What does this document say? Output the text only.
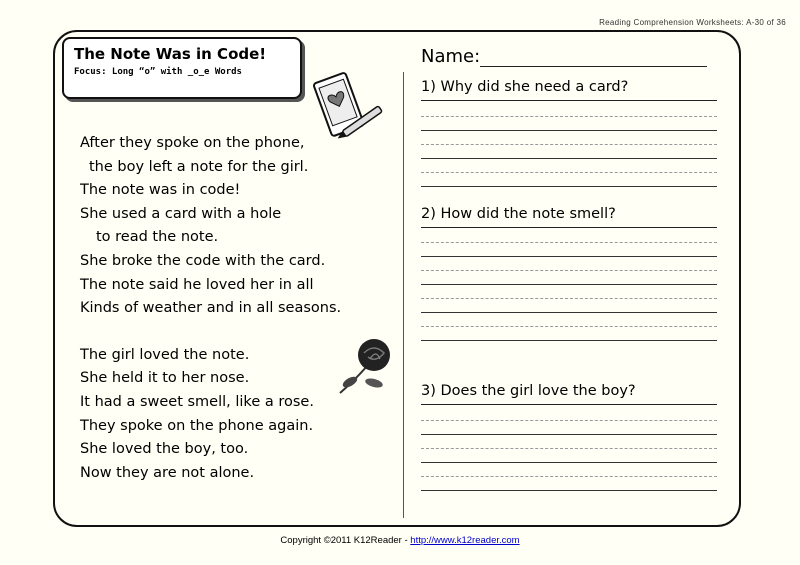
Reading Comprehension Worksheets: A-30 of 36
The Note Was in Code!
Focus: Long “o” with _o_e Words
After they spoke on the phone,
the boy left a note for the girl.
The note was in code!
She used a card with a hole
to read the note.
She broke the code with the card.
The note said he loved her in all
Kinds of weather and in all seasons.
The girl loved the note.
She held it to her nose.
It had a sweet smell, like a rose.
They spoke on the phone again.
She loved the boy, too.
Now they are not alone.
Name:
1) Why did she need a card?
2) How did the note smell?
3) Does the girl love the boy?
Copyright ©2011 K12Reader - http://www.k12reader.com
